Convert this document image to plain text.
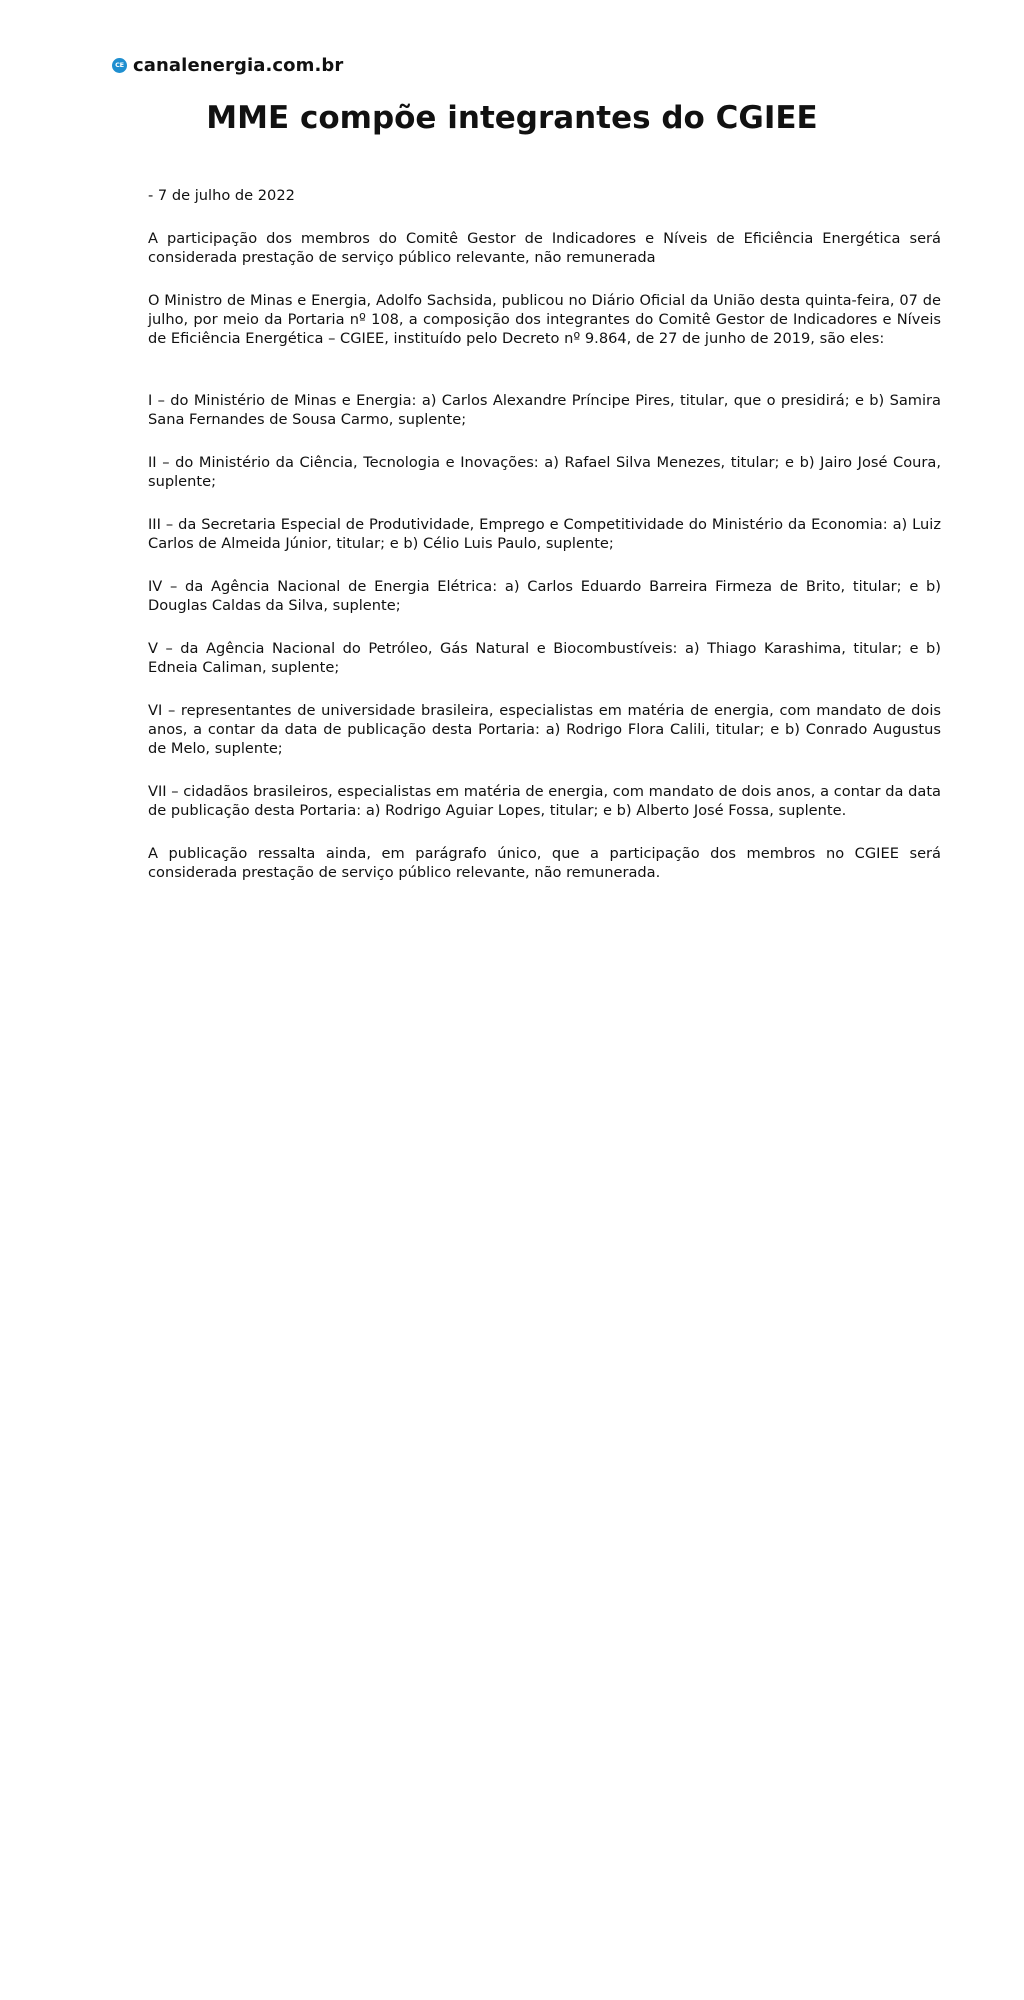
CE canalenergia.com.br
MME compõe integrantes do CGIEE

- 7 de julho de 2022

A participação dos membros do Comitê Gestor de Indicadores e Níveis de Eficiência Energética será considerada prestação de serviço público relevante, não remunerada

O Ministro de Minas e Energia, Adolfo Sachsida, publicou no Diário Oficial da União desta quinta-feira, 07 de julho, por meio da Portaria nº 108, a composição dos integrantes do Comitê Gestor de Indicadores e Níveis de Eficiência Energética – CGIEE, instituído pelo Decreto nº 9.864, de 27 de junho de 2019, são eles:

I – do Ministério de Minas e Energia: a) Carlos Alexandre Príncipe Pires, titular, que o presidirá; e b) Samira Sana Fernandes de Sousa Carmo, suplente;

II – do Ministério da Ciência, Tecnologia e Inovações: a) Rafael Silva Menezes, titular; e b) Jairo José Coura, suplente;

III – da Secretaria Especial de Produtividade, Emprego e Competitividade do Ministério da Economia: a) Luiz Carlos de Almeida Júnior, titular; e b) Célio Luis Paulo, suplente;

IV – da Agência Nacional de Energia Elétrica: a) Carlos Eduardo Barreira Firmeza de Brito, titular; e b) Douglas Caldas da Silva, suplente;

V – da Agência Nacional do Petróleo, Gás Natural e Biocombustíveis: a) Thiago Karashima, titular; e b) Edneia Caliman, suplente;

VI – representantes de universidade brasileira, especialistas em matéria de energia, com mandato de dois anos, a contar da data de publicação desta Portaria: a) Rodrigo Flora Calili, titular; e b) Conrado Augustus de Melo, suplente;

VII – cidadãos brasileiros, especialistas em matéria de energia, com mandato de dois anos, a contar da data de publicação desta Portaria: a) Rodrigo Aguiar Lopes, titular; e b) Alberto José Fossa, suplente.

A publicação ressalta ainda, em parágrafo único, que a participação dos membros no CGIEE será considerada prestação de serviço público relevante, não remunerada.
